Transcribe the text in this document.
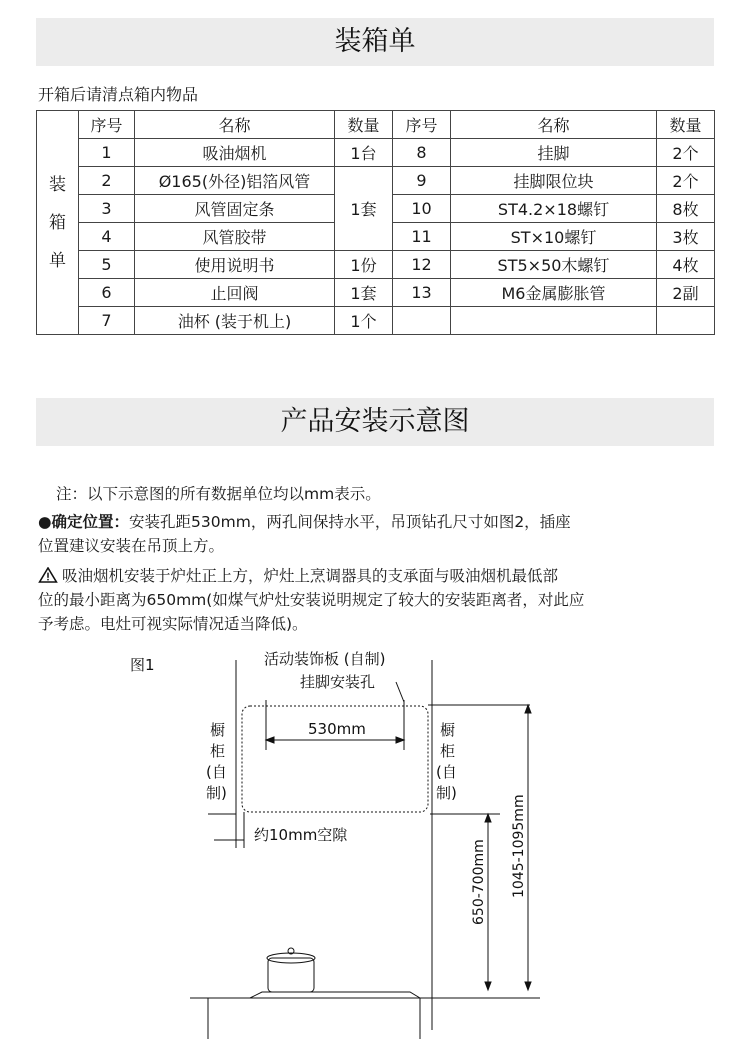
装箱单
开箱后请清点箱内物品
装
箱
单	序号	名称	数量	序号	名称	数量
	1	吸油烟机	1台	8	挂脚	2个
	2	Ø165(外径)铝箔风管	1套	9	挂脚限位块	2个
	3	风管固定条		10	ST4.2×18螺钉	8枚
	4	风管胶带		11	ST×10螺钉	3枚
	5	使用说明书	1份	12	ST5×50木螺钉	4枚
	6	止回阀	1套	13	M6金属膨胀管	2副
	7	油杯 (装于机上)	1个			
产品安装示意图
注：以下示意图的所有数据单位均以mm表示。
●确定位置：安装孔距530mm，两孔间保持水平，吊顶钻孔尺寸如图2，插座
位置建议安装在吊顶上方。
吸油烟机安装于炉灶正上方，炉灶上烹调器具的支承面与吸油烟机最低部
位的最小距离为650mm(如煤气炉灶安装说明规定了较大的安装距离者，对此应
予考虑。电灶可视实际情况适当降低)。
图1	活动装饰板 (自制)
挂脚安装孔
530mm
橱
柜
(自
制)
橱
柜
(自
制)
约10mm空隙
650-700mm 1045-1095mm
